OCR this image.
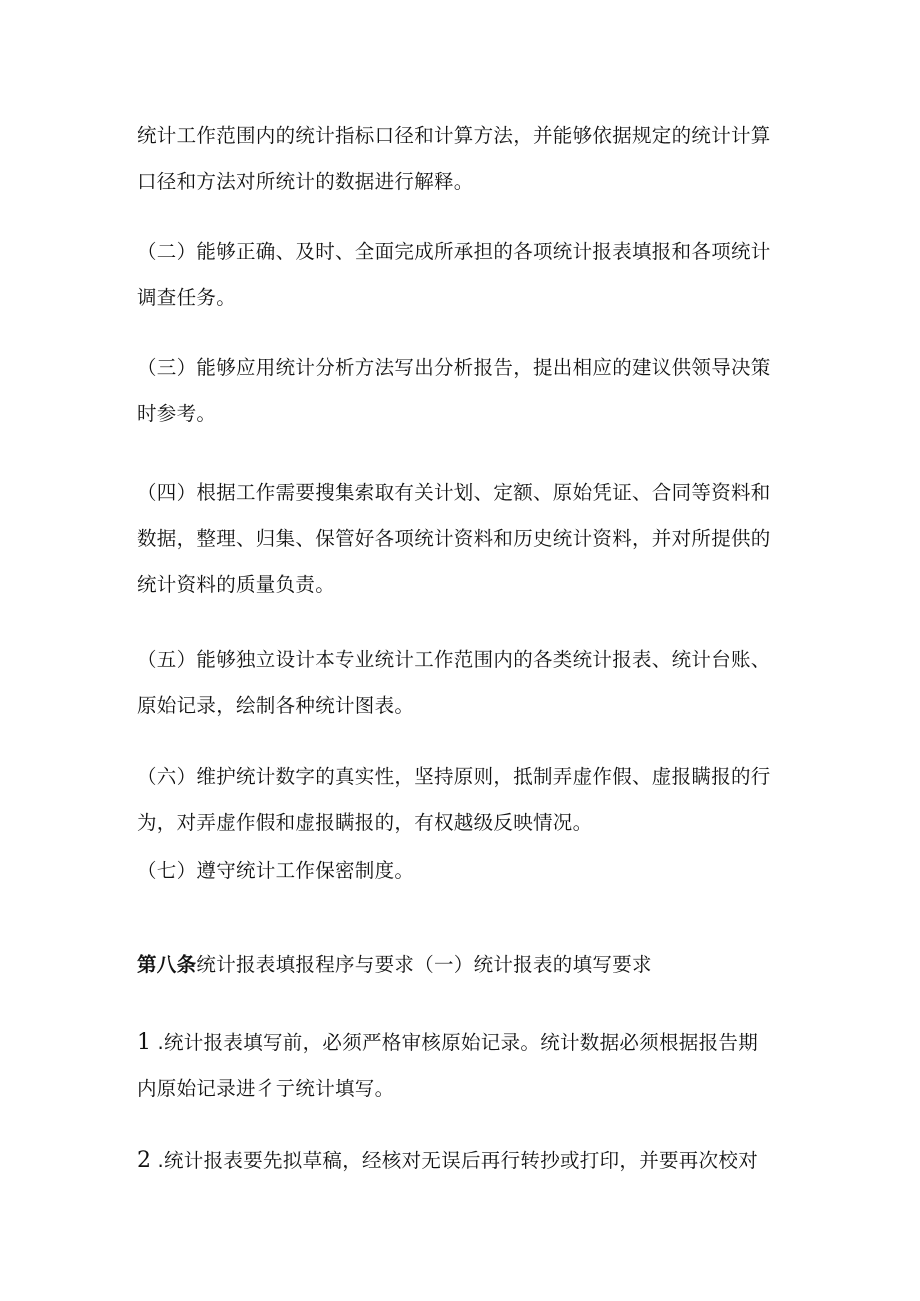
统计工作范围内的统计指标口径和计算方法，并能够依据规定的统计计算
口径和方法对所统计的数据进行解释。
（二）能够正确、及时、全面完成所承担的各项统计报表填报和各项统计
调查任务。
（三）能够应用统计分析方法写出分析报告，提出相应的建议供领导决策
时参考。
（四）根据工作需要搜集索取有关计划、定额、原始凭证、合同等资料和
数据，整理、归集、保管好各项统计资料和历史统计资料，并对所提供的
统计资料的质量负责。
（五）能够独立设计本专业统计工作范围内的各类统计报表、统计台账、
原始记录，绘制各种统计图表。
（六）维护统计数字的真实性，坚持原则，抵制弄虚作假、虚报瞒报的行
为，对弄虚作假和虚报瞒报的，有权越级反映情况。
（七）遵守统计工作保密制度。
第八条统计报表填报程序与要求（一）统计报表的填写要求
1 .统计报表填写前，必须严格审核原始记录。统计数据必须根据报告期
内原始记录进彳亍统计填写。
2 .统计报表要先拟草稿，经核对无误后再行转抄或打印，并要再次校对
